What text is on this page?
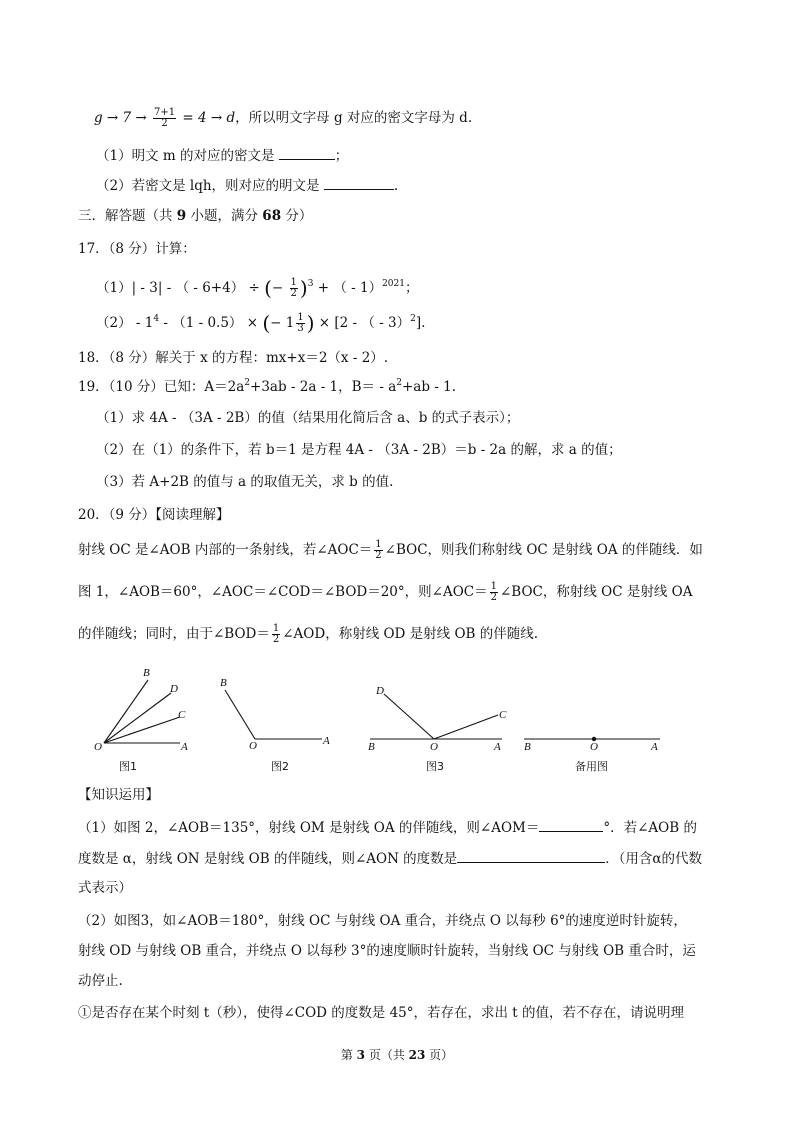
$g \to 7 \to \frac{7+1}{2} = 4 \to d$，所以明文字母 g 对应的密文字母为 d.
（1）明文 m 的对应的密文是	；
（2）若密文是 lqh，则对应的明文是	.
三．解答题（共 9 小题，满分 68 分）
17．（8 分）计算：
（1）| - 3| - （ - 6+4） ÷ (− $\frac{1}{2} )^3$ + （ - 1）$^{2021}$；
$(2) - 1^4 - (1 - 0.5)$ × (− $1 \frac{1}{3}$ ) × [2 - （ - 3）$^2$].
18．（8 分）解关于 x 的方程：mx+x＝2（x - 2）.
19．（10 分）已知：$A=2a^2+3ab - 2a - 1$，$B= - a^2+ab - 1$.
（1）求 4A - （3A - 2B）的值（结果用化简后含 a、b 的式子表示）；
（2）在（1）的条件下，若 b＝1 是方程 4A - （3A - 2B）＝b - 2a 的解，求 a 的值；
（3）若 A+2B 的值与 a 的取值无关，求 b 的值.
20．（9 分）【阅读理解】
射线 OC 是∠AOB 内部的一条射线，若∠AOC＝ $\frac{1}{2}$ ∠BOC，则我们称射线 OC 是射线 OA 的伴随线．如
图 1，∠AOB＝60°，∠AOC＝∠COD＝∠BOD＝20°，则∠AOC＝ $\frac{1}{2}$ ∠BOC，称射线 OC 是射线 OA
的伴随线；同时，由于∠BOD＝ $\frac{1}{2}$ ∠AOD，称射线 OD 是射线 OB 的伴随线.
O	A
B
D
C
图1
B
O	A
图2
D
C
B	O	A
图3
B	O	A
备用图
【知识运用】
（1）如图 2，∠AOB＝135°，射线 OM 是射线 OA 的伴随线，则∠AOM＝	°．若∠AOB 的
度数是 α，射线 ON 是射线 OB 的伴随线，则∠AON 的度数是	．（用含α的代数
式表示）
（2）如图3，如∠AOB＝180°，射线 OC 与射线 OA 重合，并绕点 O 以每秒 6°的速度逆时针旋转，
射线 OD 与射线 OB 重合，并绕点 O 以每秒 3°的速度顺时针旋转，当射线 OC 与射线 OB 重合时，运
动停止.
①是否存在某个时刻 t（秒），使得∠COD 的度数是 45°，若存在，求出 t 的值，若不存在，请说明理
第 3 页（共 23 页）
